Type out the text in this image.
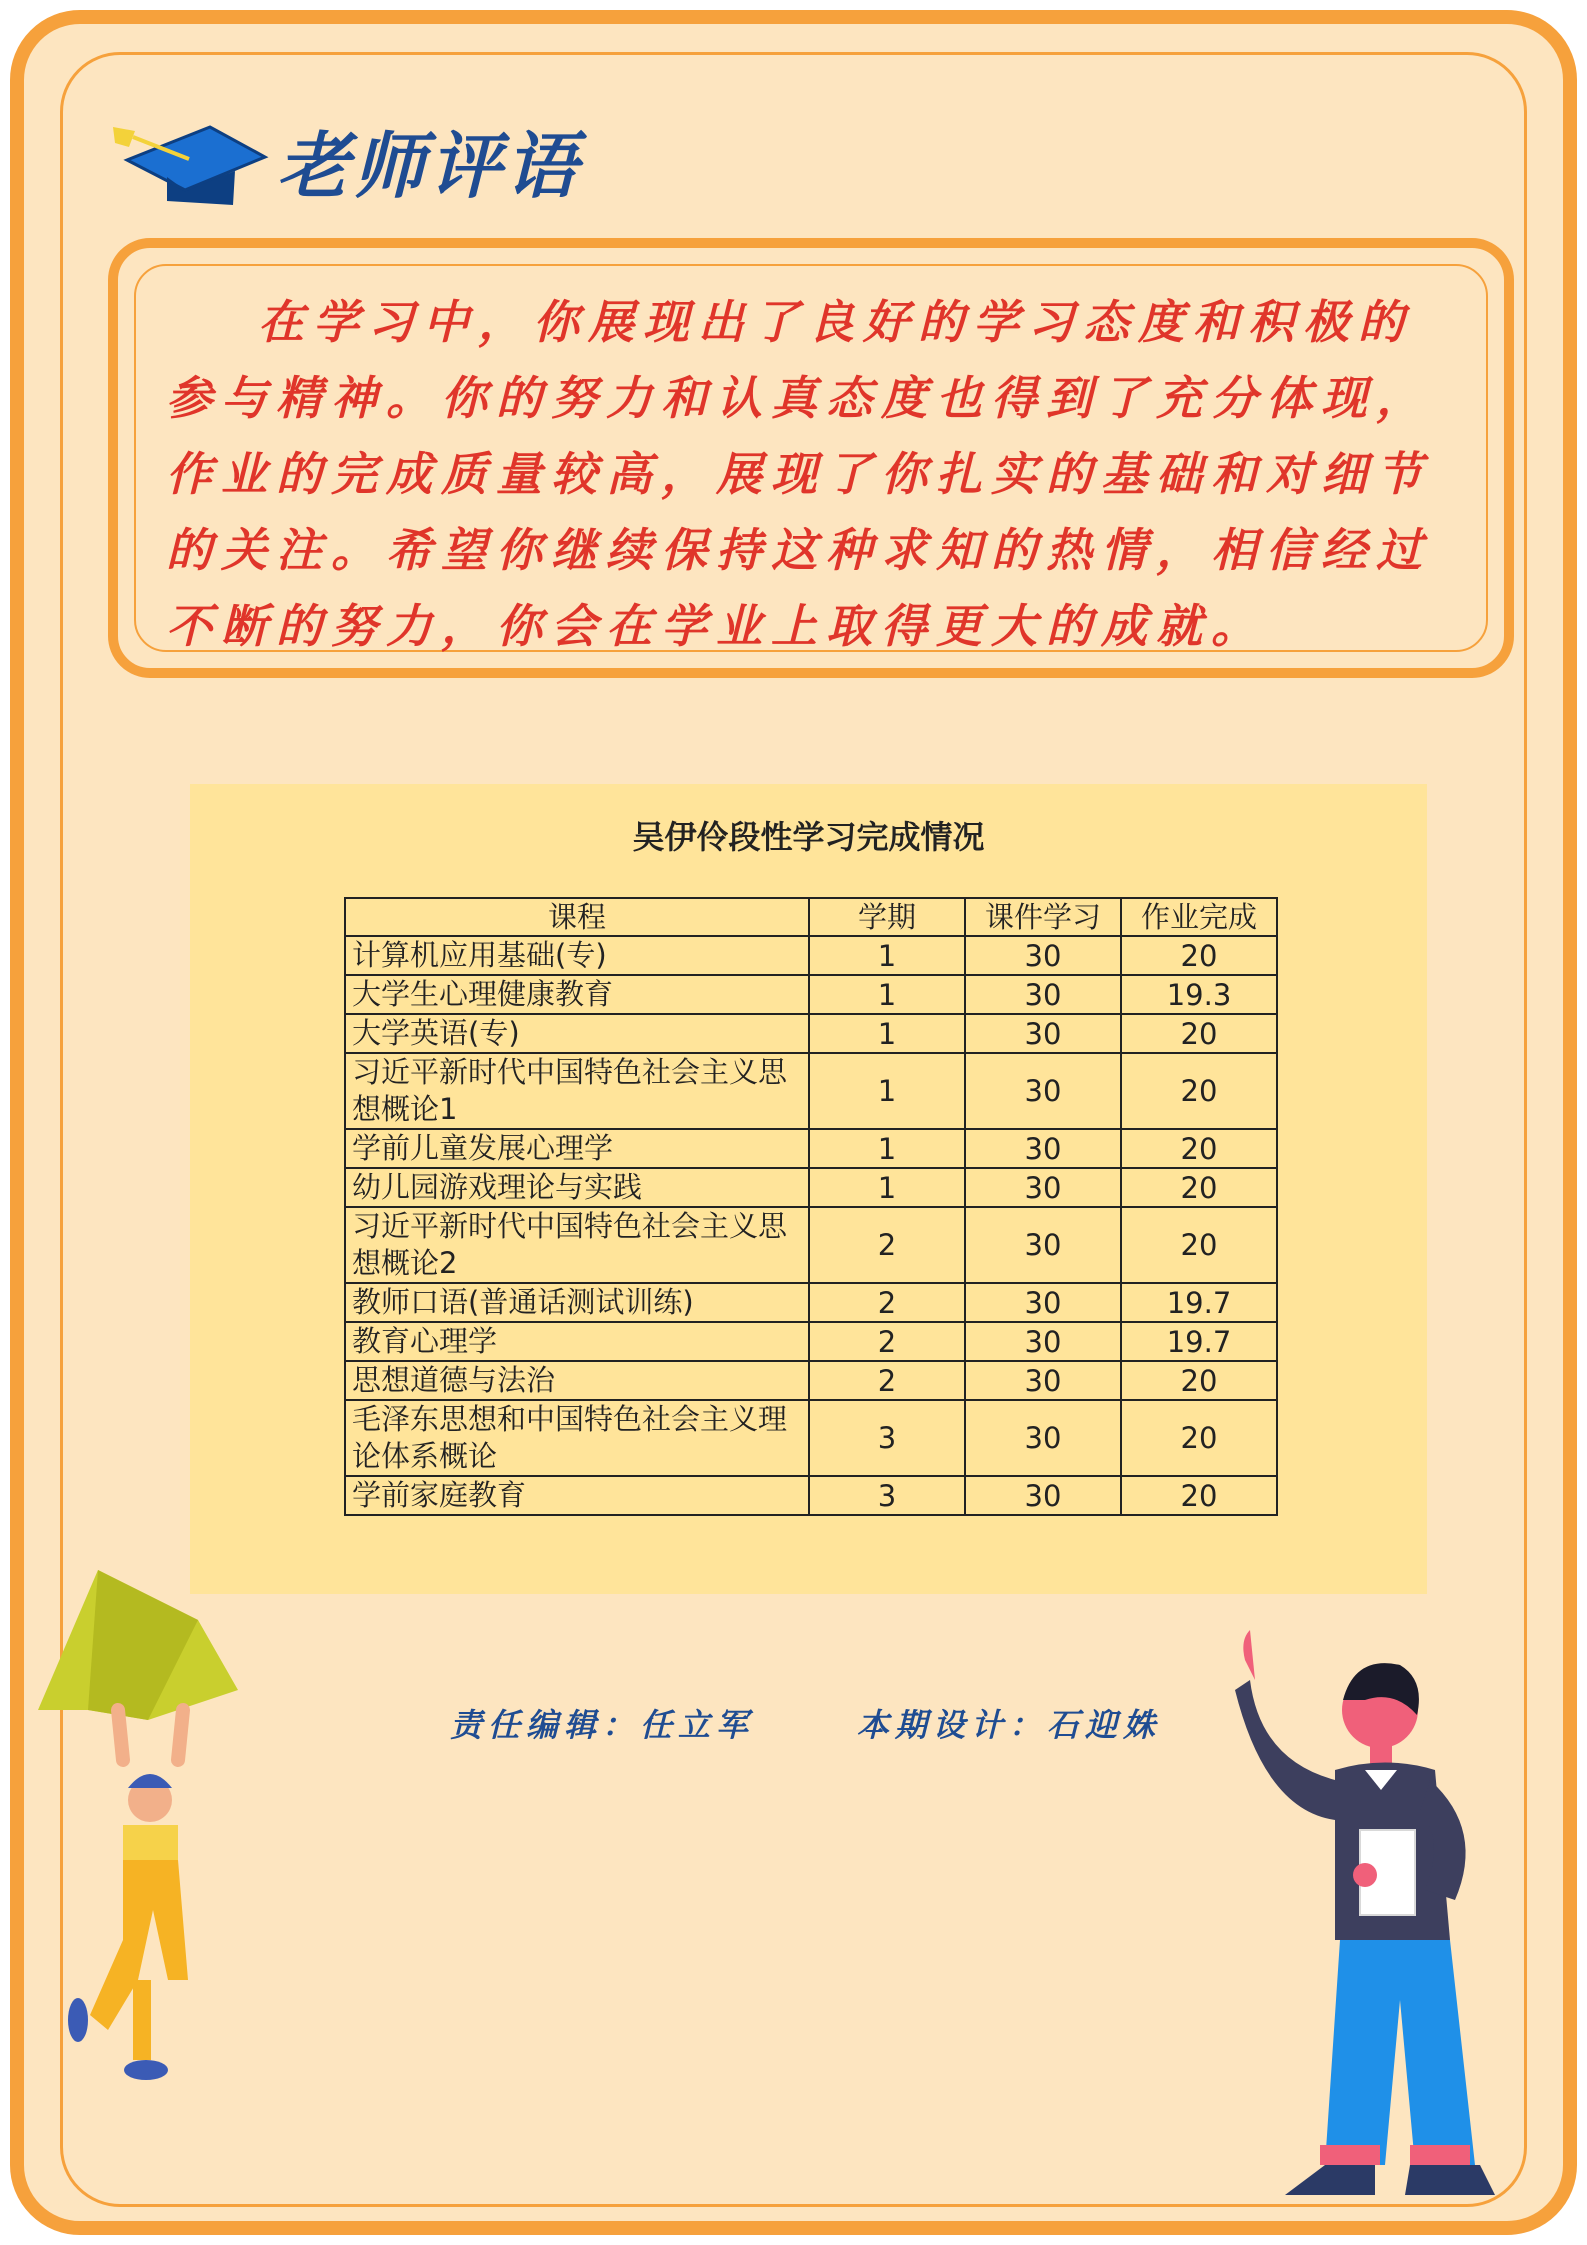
老师评语

在学习中，你展现出了良好的学习态度和积极的参与精神。你的努力和认真态度也得到了充分体现，作业的完成质量较高，展现了你扎实的基础和对细节的关注。希望你继续保持这种求知的热情，相信经过不断的努力，你会在学业上取得更大的成就。

吴伊伶段性学习完成情况
课程	学期	课件学习	作业完成
计算机应用基础(专)	1	30	20
大学生心理健康教育	1	30	19.3
大学英语(专)	1	30	20
习近平新时代中国特色社会主义思想概论1	1	30	20
学前儿童发展心理学	1	30	20
幼儿园游戏理论与实践	1	30	20
习近平新时代中国特色社会主义思想概论2	2	30	20
教师口语(普通话测试训练)	2	30	19.7
教育心理学	2	30	19.7
思想道德与法治	2	30	20
毛泽东思想和中国特色社会主义理论体系概论	3	30	20
学前家庭教育	3	30	20
责任编辑：任立军	本期设计：石迎姝
